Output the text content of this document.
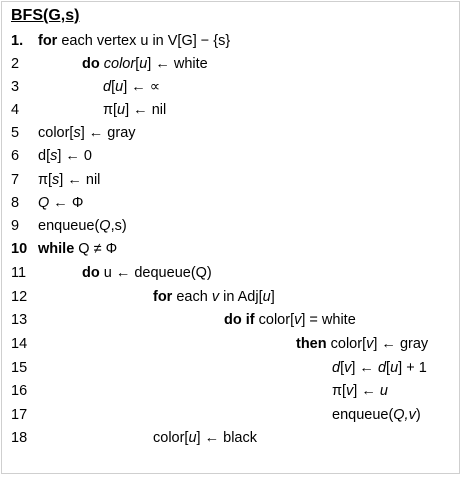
BFS(G,s)
1. for each vertex u in V[G] − {s}
2	do color[u] ← white
3	d[u] ← ∝
4	π[u] ← nil
5 color[s] ← gray
6 d[s] ← 0
7 π[s] ← nil
8 Q ← Φ
9 enqueue(Q,s)
10 while Q ≠ Φ
11	do u ← dequeue(Q)
12	for each v in Adj[u]
13	do if color[v] = white
14	then color[v] ← gray
15	d[v] ← d[u] + 1
16	π[v] ← u
17	enqueue(Q,v)
18	color[u] ← black
